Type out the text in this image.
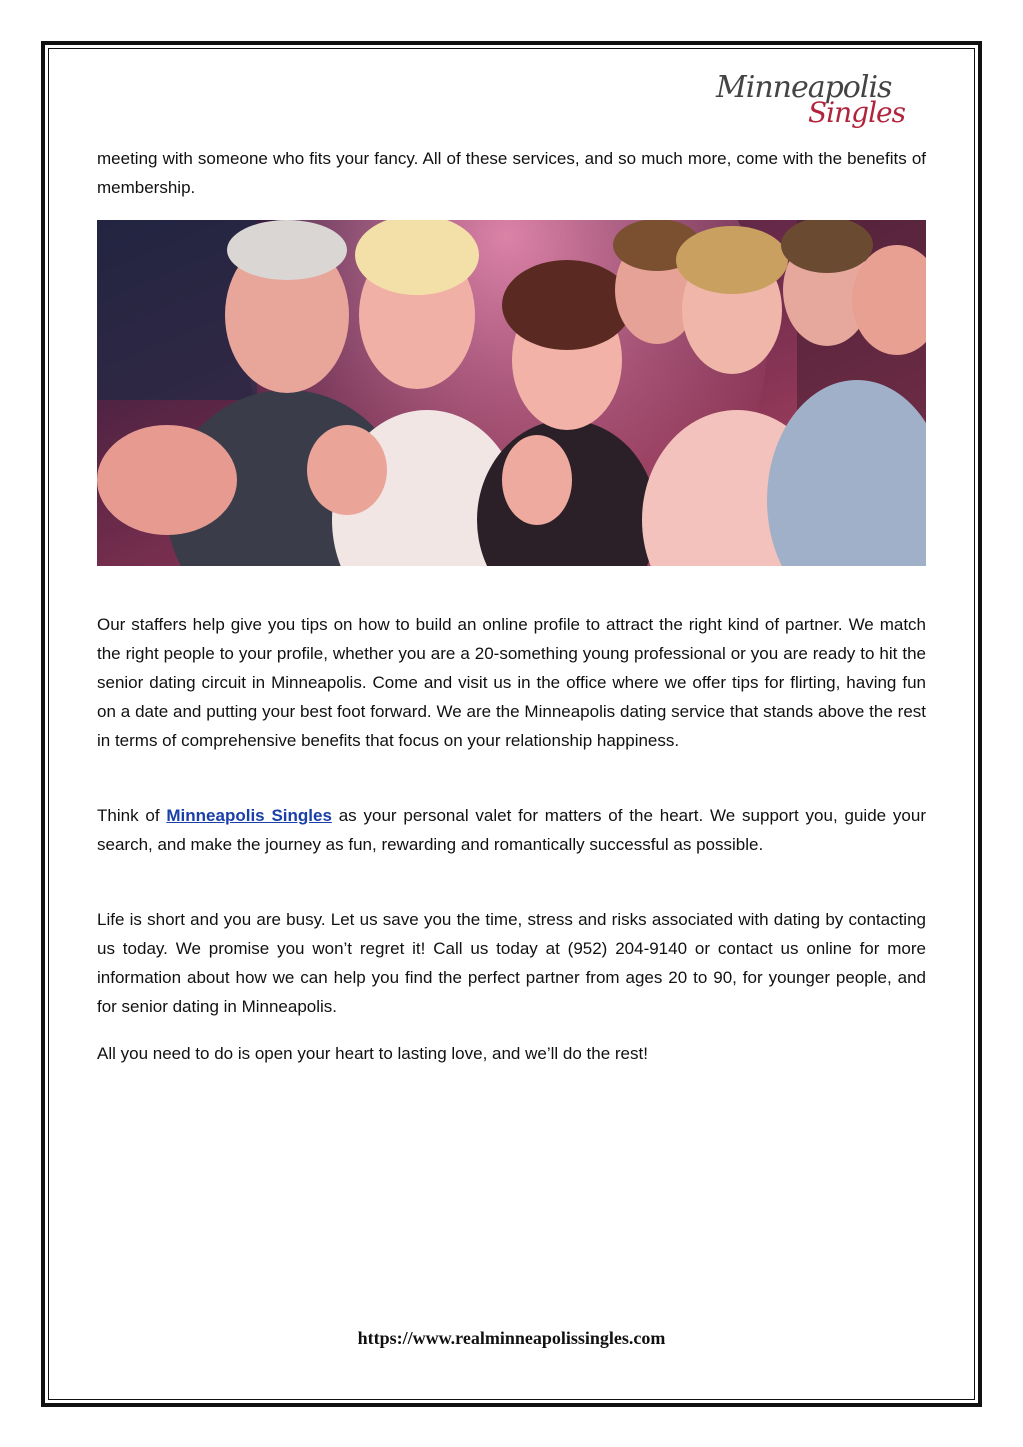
Minneapolis
Singles

meeting with someone who fits your fancy. All of these services, and so much more, come with the benefits of membership.

Our staffers help give you tips on how to build an online profile to attract the right kind of partner. We match the right people to your profile, whether you are a 20-something young professional or you are ready to hit the senior dating circuit in Minneapolis. Come and visit us in the office where we offer tips for flirting, having fun on a date and putting your best foot forward. We are the Minneapolis dating service that stands above the rest in terms of comprehensive benefits that focus on your relationship happiness.

Think of Minneapolis Singles as your personal valet for matters of the heart. We support you, guide your search, and make the journey as fun, rewarding and romantically successful as possible.

Life is short and you are busy. Let us save you the time, stress and risks associated with dating by contacting us today. We promise you won’t regret it! Call us today at (952) 204-9140 or contact us online for more information about how we can help you find the perfect partner from ages 20 to 90, for younger people, and for senior dating in Minneapolis.

All you need to do is open your heart to lasting love, and we’ll do the rest!

https://www.realminneapolissingles.com
